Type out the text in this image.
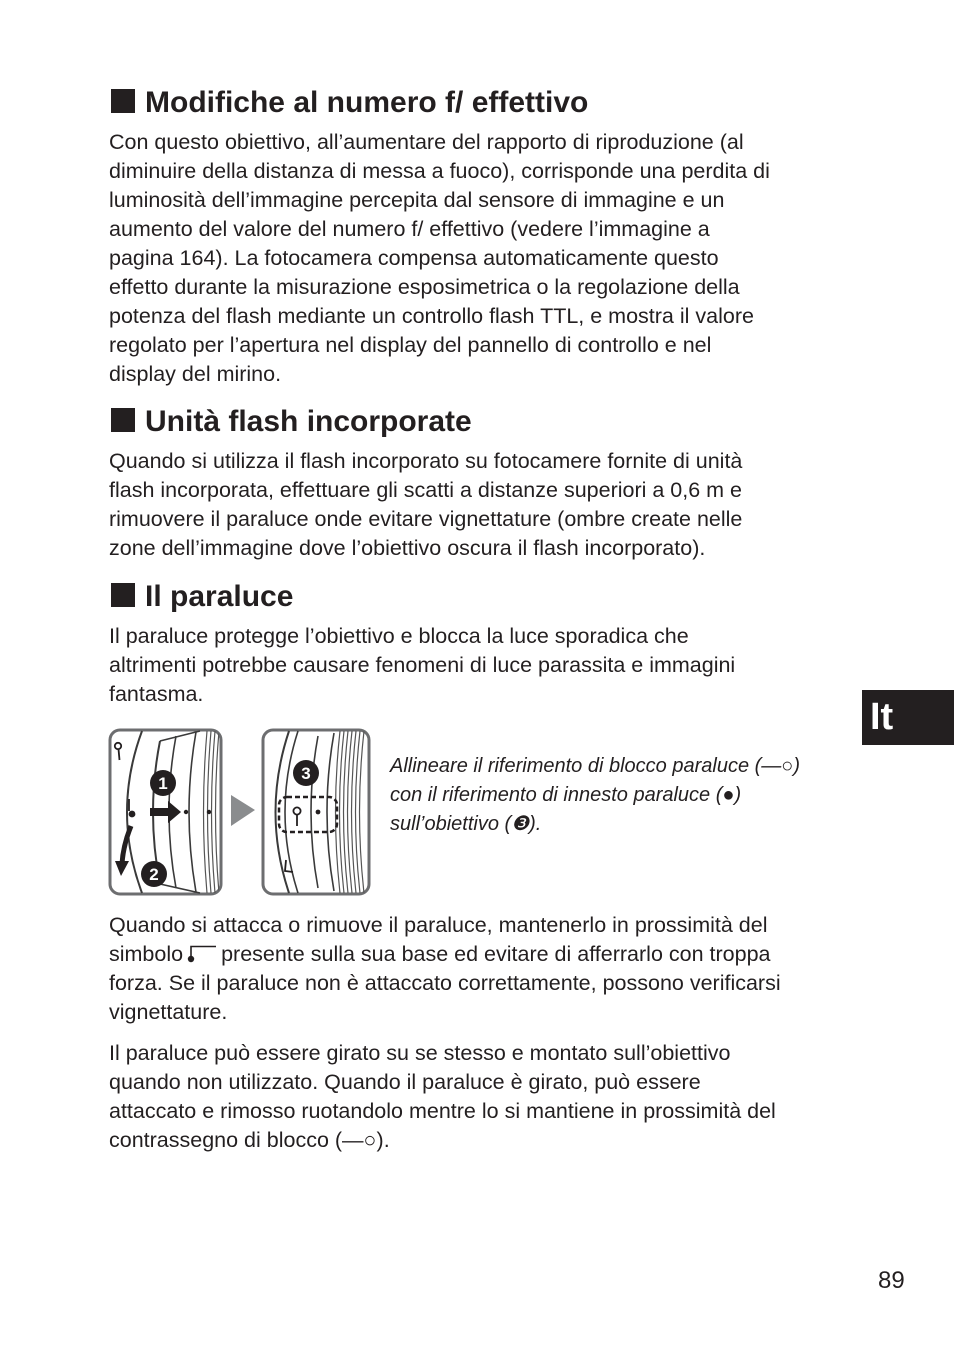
Modifiche al numero f/ effettivo
Con questo obiettivo, all’aumentare del rapporto di riproduzione (al
diminuire della distanza di messa a fuoco), corrisponde una perdita di
luminosità dell’immagine percepita dal sensore di immagine e un
aumento del valore del numero f/ effettivo (vedere l’immagine a
pagina 164). La fotocamera compensa automaticamente questo
effetto durante la misurazione esposimetrica o la regolazione della
potenza del flash mediante un controllo flash TTL, e mostra il valore
regolato per l’apertura nel display del pannello di controllo e nel
display del mirino.
Unità flash incorporate
Quando si utilizza il flash incorporato su fotocamere fornite di unità
flash incorporata, effettuare gli scatti a distanze superiori a 0,6 m e
rimuovere il paraluce onde evitare vignettature (ombre create nelle
zone dell’immagine dove l’obiettivo oscura il flash incorporato).
Il paraluce
Il paraluce protegge l’obiettivo e blocca la luce sporadica che
altrimenti potrebbe causare fenomeni di luce parassita e immagini
fantasma.
1
2
3	Allineare il riferimento di blocco paraluce (—○)
con il riferimento di innesto paraluce (●)
sull’obiettivo (❸).
Quando si attacca o rimuove il paraluce, mantenerlo in prossimità del
simbolo presente sulla sua base ed evitare di afferrarlo con troppa
forza. Se il paraluce non è attaccato correttamente, possono verificarsi
vignettature.
Il paraluce può essere girato su se stesso e montato sull’obiettivo
quando non utilizzato. Quando il paraluce è girato, può essere
attaccato e rimosso ruotandolo mentre lo si mantiene in prossimità del
contrassegno di blocco (—○).
It
89
